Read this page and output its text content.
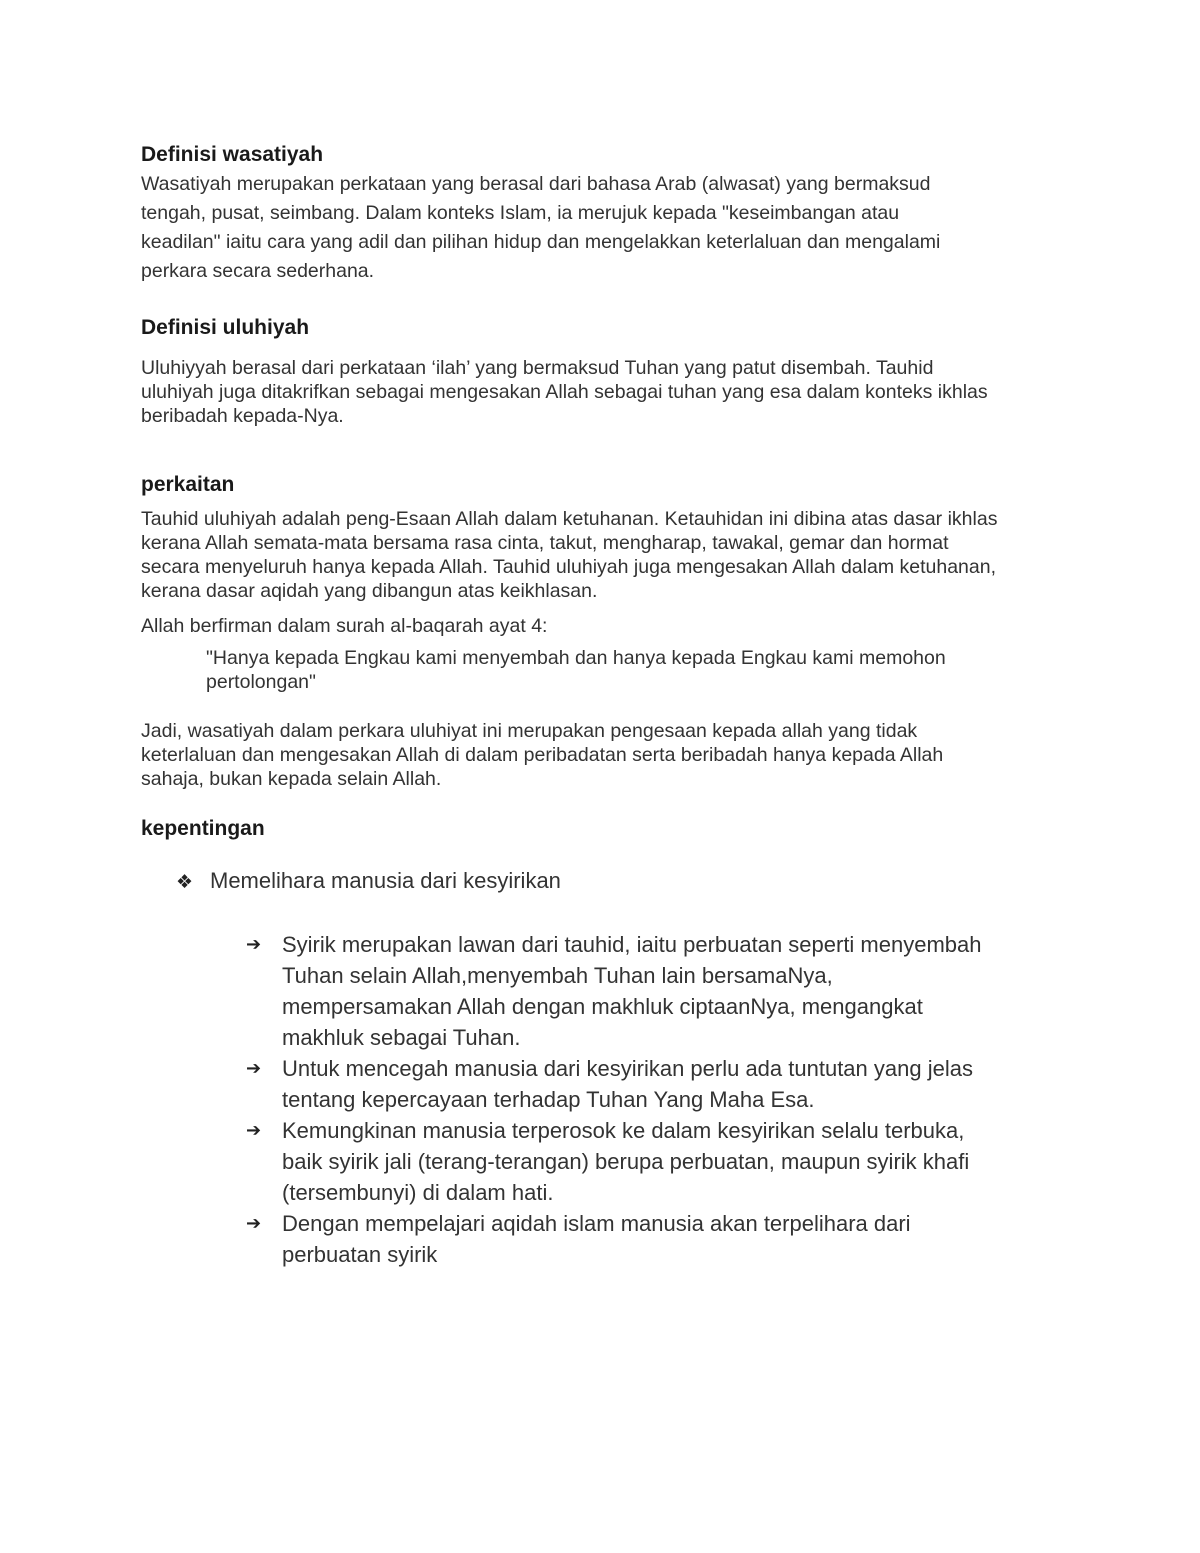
Definisi wasatiyah

Wasatiyah merupakan perkataan yang berasal dari bahasa Arab (alwasat) yang bermaksud
tengah, pusat, seimbang. Dalam konteks Islam, ia merujuk kepada "keseimbangan atau
keadilan" iaitu cara yang adil dan pilihan hidup dan mengelakkan keterlaluan dan mengalami
perkara secara sederhana.

Definisi uluhiyah

Uluhiyyah berasal dari perkataan ‘ilah’ yang bermaksud Tuhan yang patut disembah. Tauhid
uluhiyah juga ditakrifkan sebagai mengesakan Allah sebagai tuhan yang esa dalam konteks ikhlas
beribadah kepada-Nya.

perkaitan

Tauhid uluhiyah adalah peng-Esaan Allah dalam ketuhanan. Ketauhidan ini dibina atas dasar ikhlas
kerana Allah semata-mata bersama rasa cinta, takut, mengharap, tawakal, gemar dan hormat
secara menyeluruh hanya kepada Allah. Tauhid uluhiyah juga mengesakan Allah dalam ketuhanan,
kerana dasar aqidah yang dibangun atas keikhlasan.

Allah berfirman dalam surah al-baqarah ayat 4:

"Hanya kepada Engkau kami menyembah dan hanya kepada Engkau kami memohon
pertolongan"

Jadi, wasatiyah dalam perkara uluhiyat ini merupakan pengesaan kepada allah yang tidak
keterlaluan dan mengesakan Allah di dalam peribadatan serta beribadah hanya kepada Allah
sahaja, bukan kepada selain Allah.

kepentingan
❖ Memelihara manusia dari kesyirikan
➔ Syirik merupakan lawan dari tauhid, iaitu perbuatan seperti menyembah
Tuhan selain Allah,menyembah Tuhan lain bersamaNya,
mempersamakan Allah dengan makhluk ciptaanNya, mengangkat
makhluk sebagai Tuhan.
➔ Untuk mencegah manusia dari kesyirikan perlu ada tuntutan yang jelas
tentang kepercayaan terhadap Tuhan Yang Maha Esa.
➔ Kemungkinan manusia terperosok ke dalam kesyirikan selalu terbuka,
baik syirik jali (terang-terangan) berupa perbuatan, maupun syirik khafi
(tersembunyi) di dalam hati.
➔ Dengan mempelajari aqidah islam manusia akan terpelihara dari
perbuatan syirik
